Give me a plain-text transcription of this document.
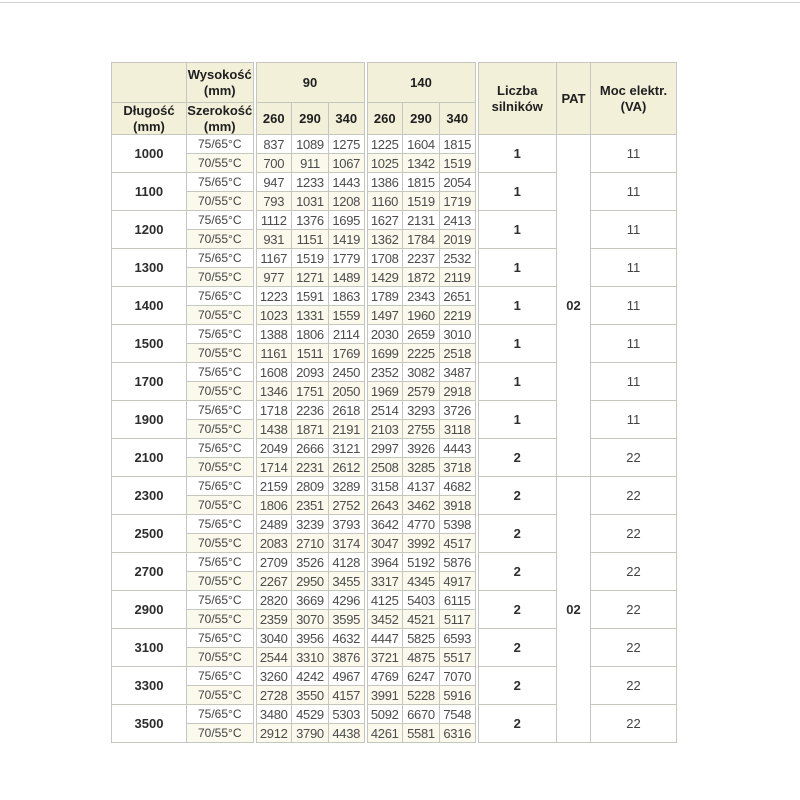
	Wysokość
(mm)	90			140			Liczba
silników	PAT	Moc elektr.
(VA)

Długość
(mm)	Szerokość
(mm)	260	290	340	260	290	340			
1000	75/65°C	837	1089	1275	1225	1604	1815	1	02	11
	70/55°C	700	911	1067	1025	1342	1519			
1100	75/65°C	947	1233	1443	1386	1815	2054	1		11
	70/55°C	793	1031	1208	1160	1519	1719			
1200	75/65°C	1112	1376	1695	1627	2131	2413	1		11
	70/55°C	931	1151	1419	1362	1784	2019			
1300	75/65°C	1167	1519	1779	1708	2237	2532	1		11
	70/55°C	977	1271	1489	1429	1872	2119			
1400	75/65°C	1223	1591	1863	1789	2343	2651	1		11
	70/55°C	1023	1331	1559	1497	1960	2219			
1500	75/65°C	1388	1806	2114	2030	2659	3010	1		11
	70/55°C	1161	1511	1769	1699	2225	2518			
1700	75/65°C	1608	2093	2450	2352	3082	3487	1		11
	70/55°C	1346	1751	2050	1969	2579	2918			
1900	75/65°C	1718	2236	2618	2514	3293	3726	1		11
	70/55°C	1438	1871	2191	2103	2755	3118			
2100	75/65°C	2049	2666	3121	2997	3926	4443	2		22
	70/55°C	1714	2231	2612	2508	3285	3718			
2300	75/65°C	2159	2809	3289	3158	4137	4682	2	02	22
	70/55°C	1806	2351	2752	2643	3462	3918			
2500	75/65°C	2489	3239	3793	3642	4770	5398	2		22
	70/55°C	2083	2710	3174	3047	3992	4517			
2700	75/65°C	2709	3526	4128	3964	5192	5876	2		22
	70/55°C	2267	2950	3455	3317	4345	4917			
2900	75/65°C	2820	3669	4296	4125	5403	6115	2		22
	70/55°C	2359	3070	3595	3452	4521	5117			
3100	75/65°C	3040	3956	4632	4447	5825	6593	2		22
	70/55°C	2544	3310	3876	3721	4875	5517			
3300	75/65°C	3260	4242	4967	4769	6247	7070	2		22
	70/55°C	2728	3550	4157	3991	5228	5916			
3500	75/65°C	3480	4529	5303	5092	6670	7548	2		22
	70/55°C	2912	3790	4438	4261	5581	6316			
